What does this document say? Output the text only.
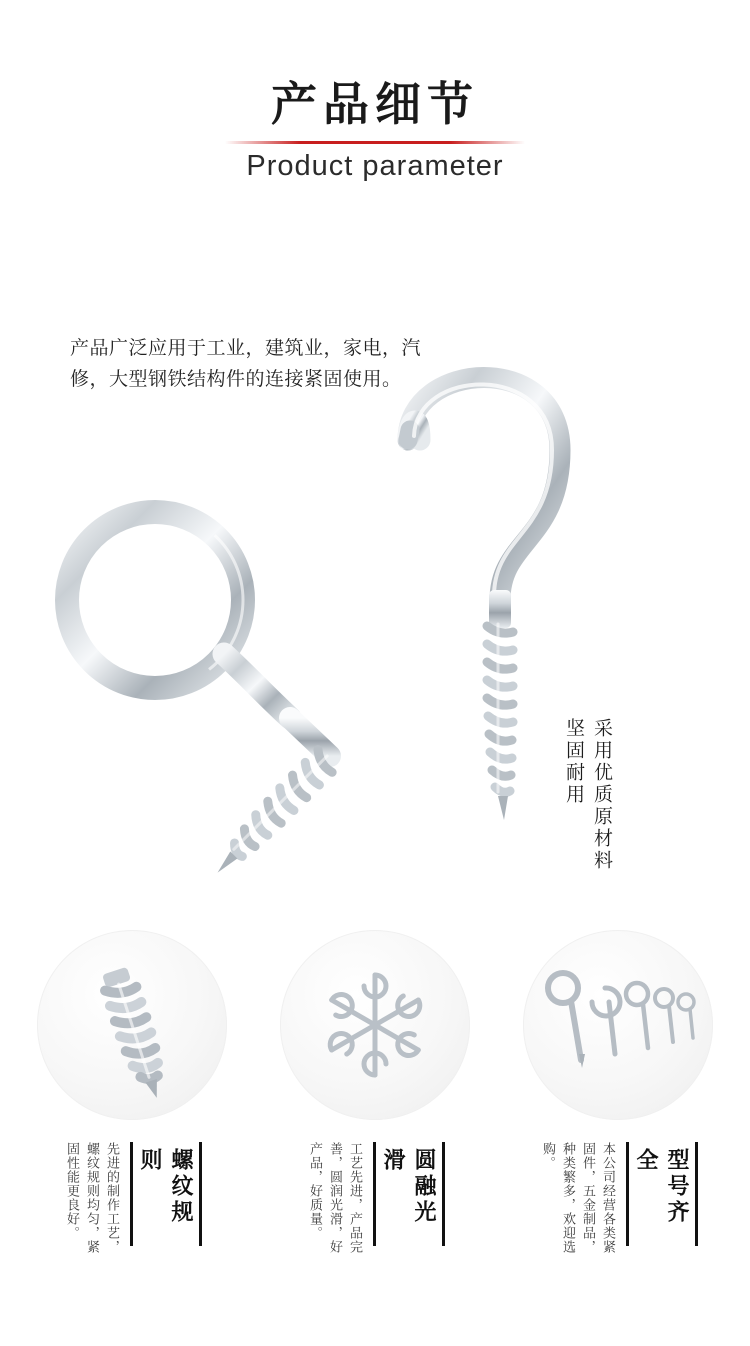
产品细节
Product parameter
坚固耐用 采用优质原材料
产品广泛应用于工业，建筑业，家电，汽修，大型钢铁结构件的连接紧固使用。
先进的制作工艺，螺纹规则均匀，紧固性能更良好。	螺纹规则	工艺先进，产品完善，圆润光滑，好产品，好质量。	圆融光滑	本公司经营各类紧固件，五金制品，种类繁多，欢迎选购。	型号齐全
